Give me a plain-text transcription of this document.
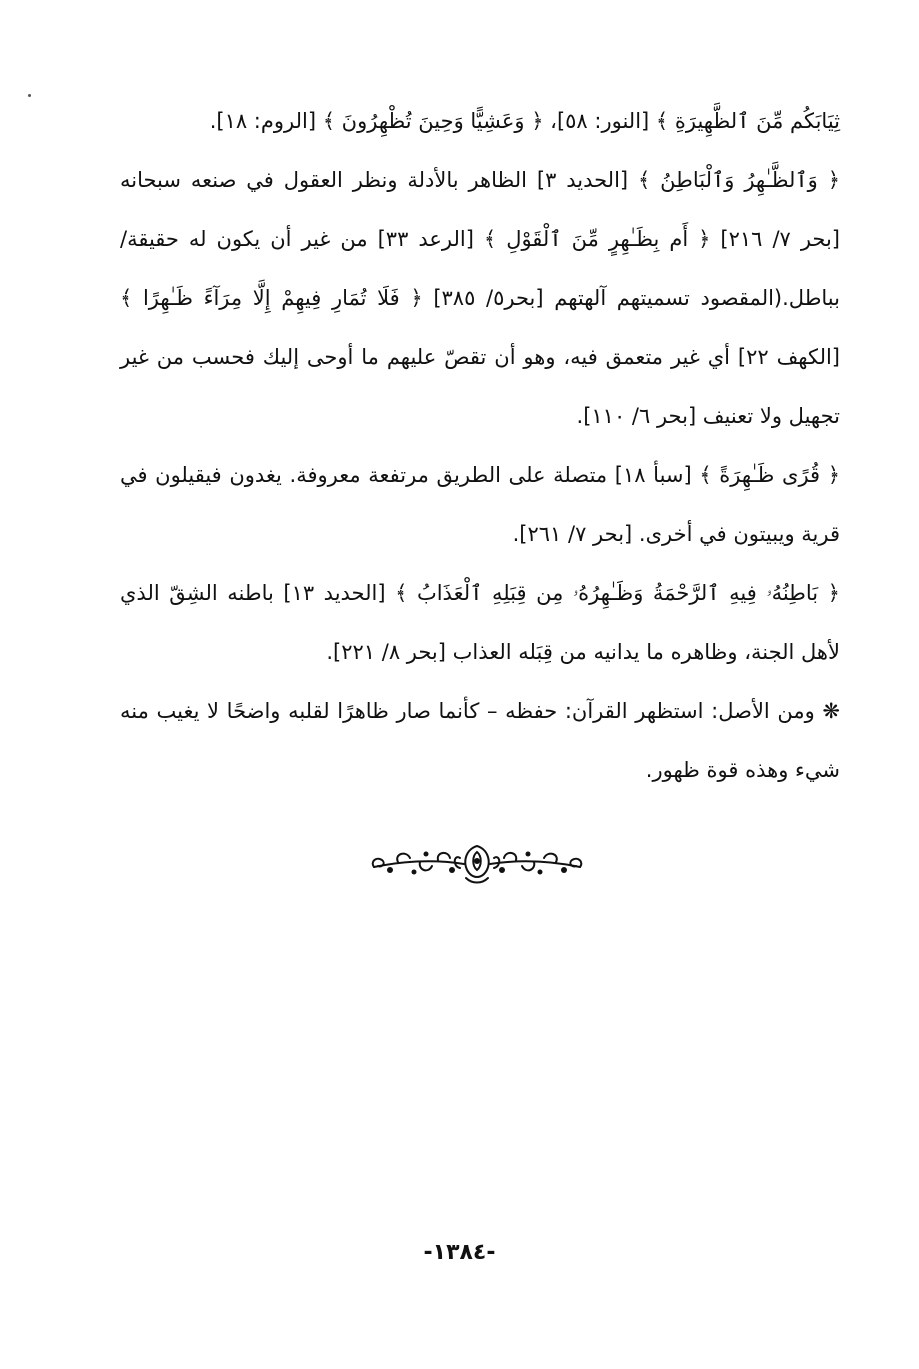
ثِيَابَكُم مِّنَ ٱلظَّهِيرَةِ ﴾ [النور: ٥٨]، ﴿ وَعَشِيًّا وَحِينَ تُظْهِرُونَ ﴾ [الروم: ١٨].

﴿ وَٱلظَّـٰهِرُ وَٱلْبَاطِنُ ﴾ [الحديد ٣] الظاهر بالأدلة ونظر العقول في صنعه سبحانه [بحر ٧/ ٢١٦] ﴿ أَم بِظَـٰهِرٍ مِّنَ ٱلْقَوْلِ ﴾ [الرعد ٣٣] من غير أن يكون له حقيقة/ بباطل.(المقصود تسميتهم آلهتهم [بحر٥/ ٣٨٥] ﴿ فَلَا تُمَارِ فِيهِمْ إِلَّا مِرَآءً ظَـٰهِرًا ﴾ [الكهف ٢٢] أي غير متعمق فيه، وهو أن تقصّ عليهم ما أوحى إليك فحسب من غير تجهيل ولا تعنيف [بحر ٦/ ١١٠].

﴿ قُرًى ظَـٰهِرَةً ﴾ [سبأ ١٨] متصلة على الطريق مرتفعة معروفة. يغدون فيقيلون في قرية ويبيتون في أخرى. [بحر ٧/ ٢٦١].

﴿ بَاطِنُهُۥ فِيهِ ٱلرَّحْمَةُ وَظَـٰهِرُهُۥ مِن قِبَلِهِ ٱلْعَذَابُ ﴾ [الحديد ١٣] باطنه الشِقّ الذي لأهل الجنة، وظاهره ما يدانيه من قِبَله العذاب [بحر ٨/ ٢٢١].

❋ ومن الأصل: استظهر القرآن: حفظه – كأنما صار ظاهرًا لقلبه واضحًا لا يغيب منه شيء وهذه قوة ظهور.

-١٣٨٤-
